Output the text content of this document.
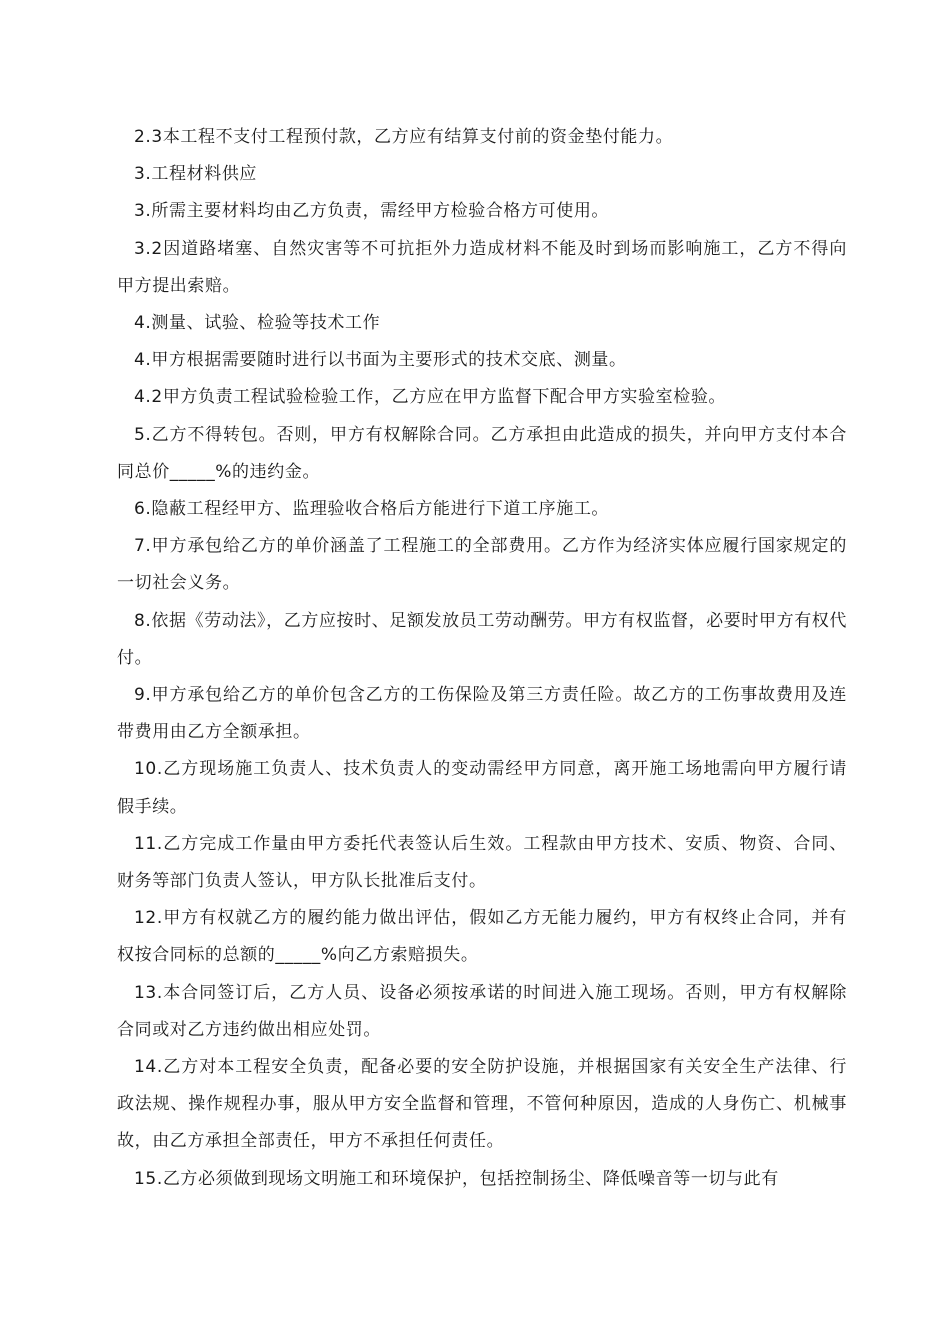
2.3本工程不支付工程预付款，乙方应有结算支付前的资金垫付能力。

3.工程材料供应

3.所需主要材料均由乙方负责，需经甲方检验合格方可使用。

3.2因道路堵塞、自然灾害等不可抗拒外力造成材料不能及时到场而影响施工，乙方不得向甲方提出索赔。

4.测量、试验、检验等技术工作

4.甲方根据需要随时进行以书面为主要形式的技术交底、测量。

4.2甲方负责工程试验检验工作，乙方应在甲方监督下配合甲方实验室检验。

5.乙方不得转包。否则，甲方有权解除合同。乙方承担由此造成的损失，并向甲方支付本合同总价_____%的违约金。

6.隐蔽工程经甲方、监理验收合格后方能进行下道工序施工。

7.甲方承包给乙方的单价涵盖了工程施工的全部费用。乙方作为经济实体应履行国家规定的一切社会义务。

8.依据《劳动法》，乙方应按时、足额发放员工劳动酬劳。甲方有权监督，必要时甲方有权代付。

9.甲方承包给乙方的单价包含乙方的工伤保险及第三方责任险。故乙方的工伤事故费用及连带费用由乙方全额承担。

10.乙方现场施工负责人、技术负责人的变动需经甲方同意，离开施工场地需向甲方履行请假手续。

11.乙方完成工作量由甲方委托代表签认后生效。工程款由甲方技术、安质、物资、合同、财务等部门负责人签认，甲方队长批准后支付。

12.甲方有权就乙方的履约能力做出评估，假如乙方无能力履约，甲方有权终止合同，并有权按合同标的总额的_____%向乙方索赔损失。

13.本合同签订后，乙方人员、设备必须按承诺的时间进入施工现场。否则，甲方有权解除合同或对乙方违约做出相应处罚。

14.乙方对本工程安全负责，配备必要的安全防护设施，并根据国家有关安全生产法律、行政法规、操作规程办事，服从甲方安全监督和管理，不管何种原因，造成的人身伤亡、机械事故，由乙方承担全部责任，甲方不承担任何责任。

15.乙方必须做到现场文明施工和环境保护，包括控制扬尘、降低噪音等一切与此有
